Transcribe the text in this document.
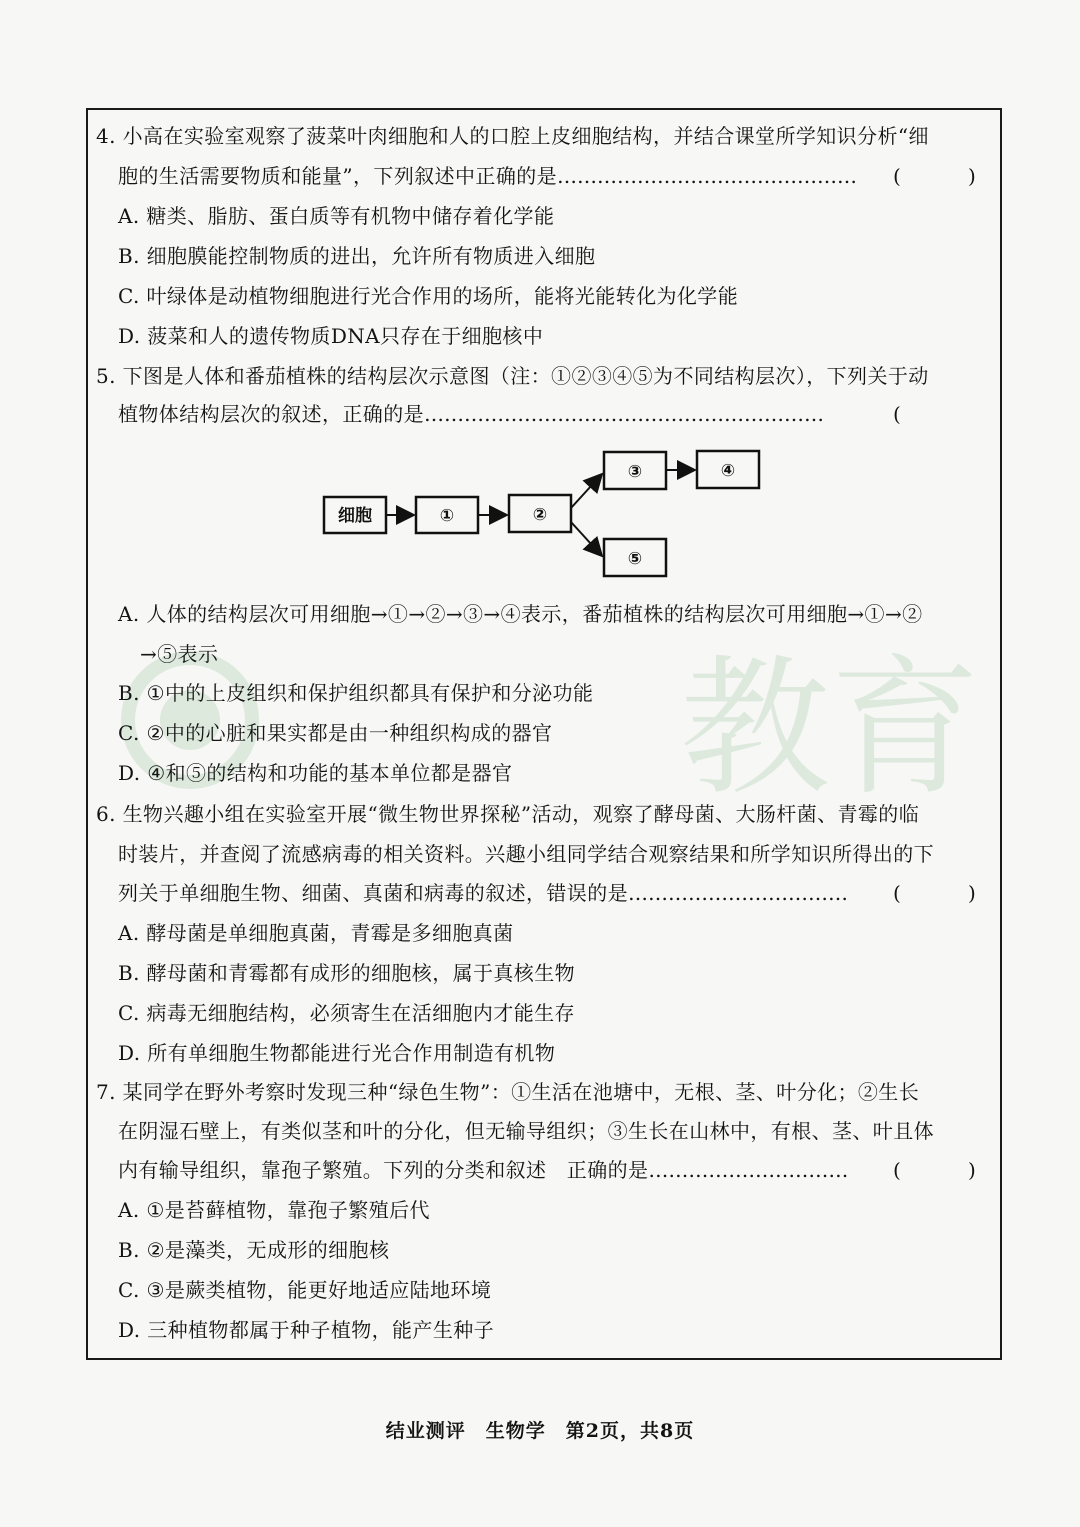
教育
4. 小高在实验室观察了菠菜叶肉细胞和人的口腔上皮细胞结构，并结合课堂所学知识分析“细
胞的生活需要物质和能量”，下列叙述中正确的是……………………………………… (	)
A. 糖类、脂肪、蛋白质等有机物中储存着化学能
B. 细胞膜能控制物质的进出，允许所有物质进入细胞
C. 叶绿体是动植物细胞进行光合作用的场所，能将光能转化为化学能
D. 菠菜和人的遗传物质DNA只存在于细胞核中
5. 下图是人体和番茄植株的结构层次示意图（注：①②③④⑤为不同结构层次），下列关于动
植物体结构层次的叙述，正确的是……………………………………………………	(
细胞	①	②
③	④
⑤
A. 人体的结构层次可用细胞→①→②→③→④表示，番茄植株的结构层次可用细胞→①→②
→⑤表示
B. ①中的上皮组织和保护组织都具有保护和分泌功能
C. ②中的心脏和果实都是由一种组织构成的器官
D. ④和⑤的结构和功能的基本单位都是器官
6. 生物兴趣小组在实验室开展“微生物世界探秘”活动，观察了酵母菌、大肠杆菌、青霉的临
时装片，并查阅了流感病毒的相关资料。兴趣小组同学结合观察结果和所学知识所得出的下
列关于单细胞生物、细菌、真菌和病毒的叙述，错误的是…………………………… (	)
A. 酵母菌是单细胞真菌，青霉是多细胞真菌
B. 酵母菌和青霉都有成形的细胞核，属于真核生物
C. 病毒无细胞结构，必须寄生在活细胞内才能生存
D. 所有单细胞生物都能进行光合作用制造有机物
7. 某同学在野外考察时发现三种“绿色生物”：①生活在池塘中，无根、茎、叶分化；②生长
在阴湿石壁上，有类似茎和叶的分化，但无输导组织；③生长在山林中，有根、茎、叶且体
内有输导组织，靠孢子繁殖。下列的分类和叙述　正确的是………………………… (	)
A. ①是苔藓植物，靠孢子繁殖后代
B. ②是藻类，无成形的细胞核
C. ③是蕨类植物，能更好地适应陆地环境
D. 三种植物都属于种子植物，能产生种子
结业测评　生物学　第2页，共8页
